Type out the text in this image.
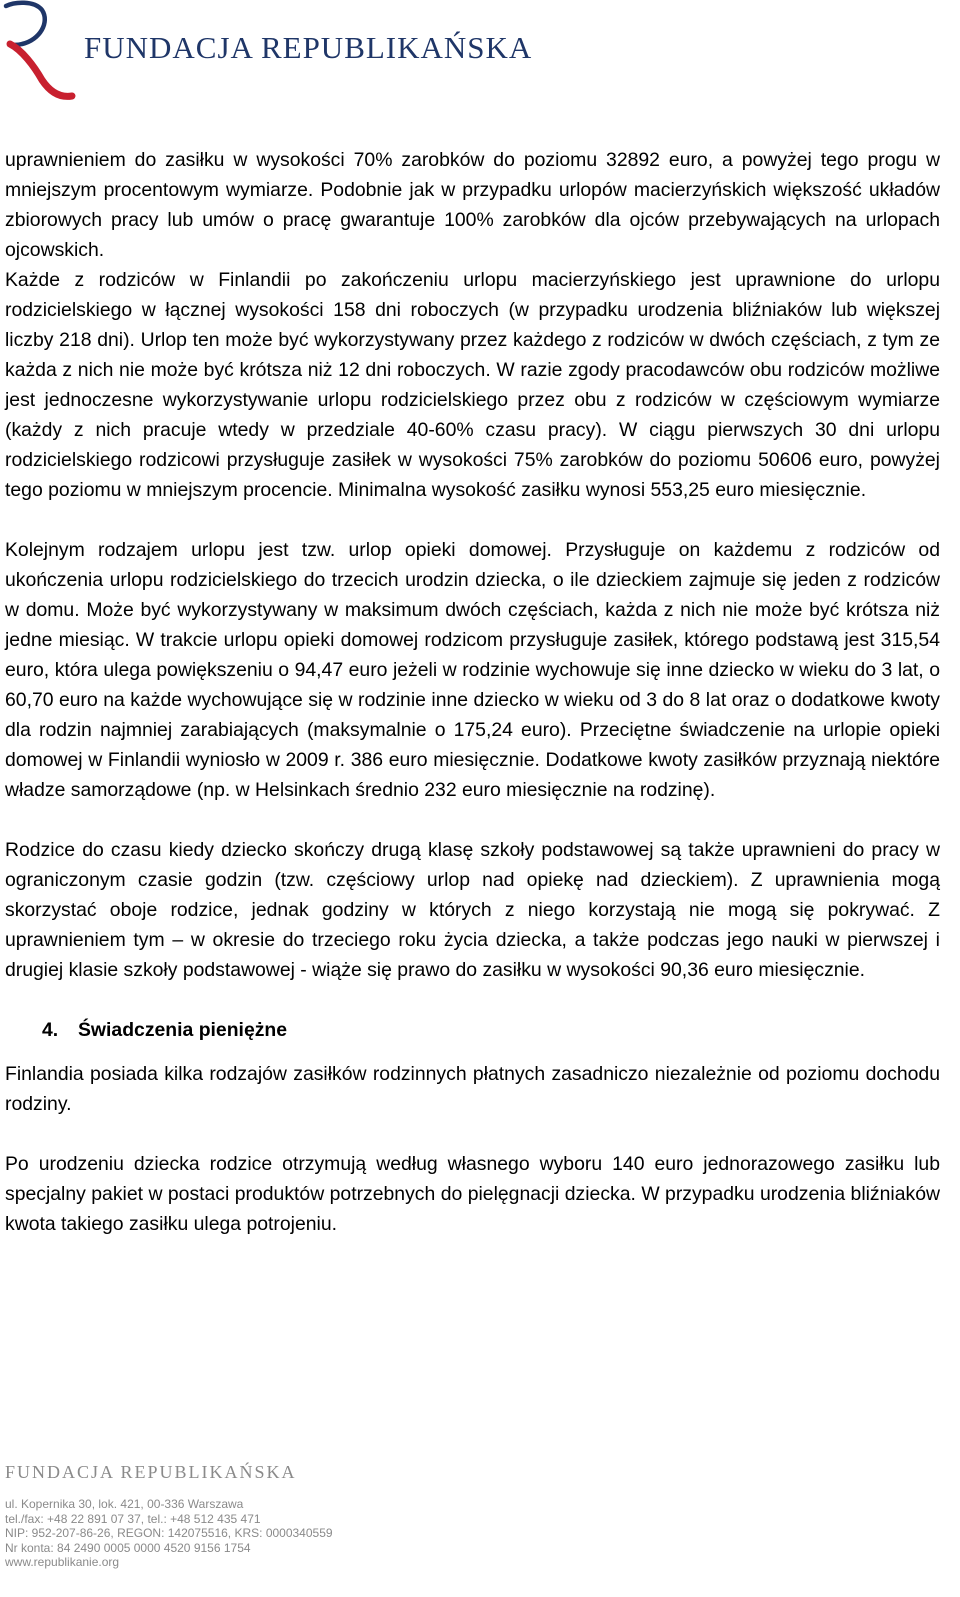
FUNDACJA REPUBLIKAŃSKA

uprawnieniem do zasiłku w wysokości 70% zarobków do poziomu 32892 euro, a powyżej tego progu w mniejszym procentowym wymiarze. Podobnie jak w przypadku urlopów macierzyńskich większość układów zbiorowych pracy lub umów o pracę gwarantuje 100% zarobków dla ojców przebywających na urlopach ojcowskich.

Każde z rodziców w Finlandii po zakończeniu urlopu macierzyńskiego jest uprawnione do urlopu rodzicielskiego w łącznej wysokości 158 dni roboczych (w przypadku urodzenia bliźniaków lub większej liczby 218 dni). Urlop ten może być wykorzystywany przez każdego z rodziców w dwóch częściach, z tym ze każda z nich nie może być krótsza niż 12 dni roboczych. W razie zgody pracodawców obu rodziców możliwe jest jednoczesne wykorzystywanie urlopu rodzicielskiego przez obu z rodziców w częściowym wymiarze (każdy z nich pracuje wtedy w przedziale 40-60% czasu pracy). W ciągu pierwszych 30 dni urlopu rodzicielskiego rodzicowi przysługuje zasiłek w wysokości 75% zarobków do poziomu 50606 euro, powyżej tego poziomu w mniejszym procencie. Minimalna wysokość zasiłku wynosi 553,25 euro miesięcznie.

Kolejnym rodzajem urlopu jest tzw. urlop opieki domowej. Przysługuje on każdemu z rodziców od ukończenia urlopu rodzicielskiego do trzecich urodzin dziecka, o ile dzieckiem zajmuje się jeden z rodziców w domu. Może być wykorzystywany w maksimum dwóch częściach, każda z nich nie może być krótsza niż jedne miesiąc. W trakcie urlopu opieki domowej rodzicom przysługuje zasiłek, którego podstawą jest 315,54 euro, która ulega powiększeniu o 94,47 euro jeżeli w rodzinie wychowuje się inne dziecko w wieku do 3 lat, o 60,70 euro na każde wychowujące się w rodzinie inne dziecko w wieku od 3 do 8 lat oraz o dodatkowe kwoty dla rodzin najmniej zarabiających (maksymalnie o 175,24 euro). Przeciętne świadczenie na urlopie opieki domowej w Finlandii wyniosło w 2009 r. 386 euro miesięcznie. Dodatkowe kwoty zasiłków przyznają niektóre władze samorządowe (np. w Helsinkach średnio 232 euro miesięcznie na rodzinę).

Rodzice do czasu kiedy dziecko skończy drugą klasę szkoły podstawowej są także uprawnieni do pracy w ograniczonym czasie godzin (tzw. częściowy urlop nad opiekę nad dzieckiem). Z uprawnienia mogą skorzystać oboje rodzice, jednak godziny w których z niego korzystają nie mogą się pokrywać. Z uprawnieniem tym – w okresie do trzeciego roku życia dziecka, a także podczas jego nauki w pierwszej i drugiej klasie szkoły podstawowej - wiąże się prawo do zasiłku w wysokości 90,36 euro miesięcznie.

4. Świadczenia pieniężne

Finlandia posiada kilka rodzajów zasiłków rodzinnych płatnych zasadniczo niezależnie od poziomu dochodu rodziny.

Po urodzeniu dziecka rodzice otrzymują według własnego wyboru 140 euro jednorazowego zasiłku lub specjalny pakiet w postaci produktów potrzebnych do pielęgnacji dziecka. W przypadku urodzenia bliźniaków kwota takiego zasiłku ulega potrojeniu.

FUNDACJA REPUBLIKAŃSKA
ul. Kopernika 30, lok. 421, 00-336 Warszawa
tel./fax: +48 22 891 07 37, tel.: +48 512 435 471
NIP: 952-207-86-26, REGON: 142075516, KRS: 0000340559
Nr konta: 84 2490 0005 0000 4520 9156 1754
www.republikanie.org
